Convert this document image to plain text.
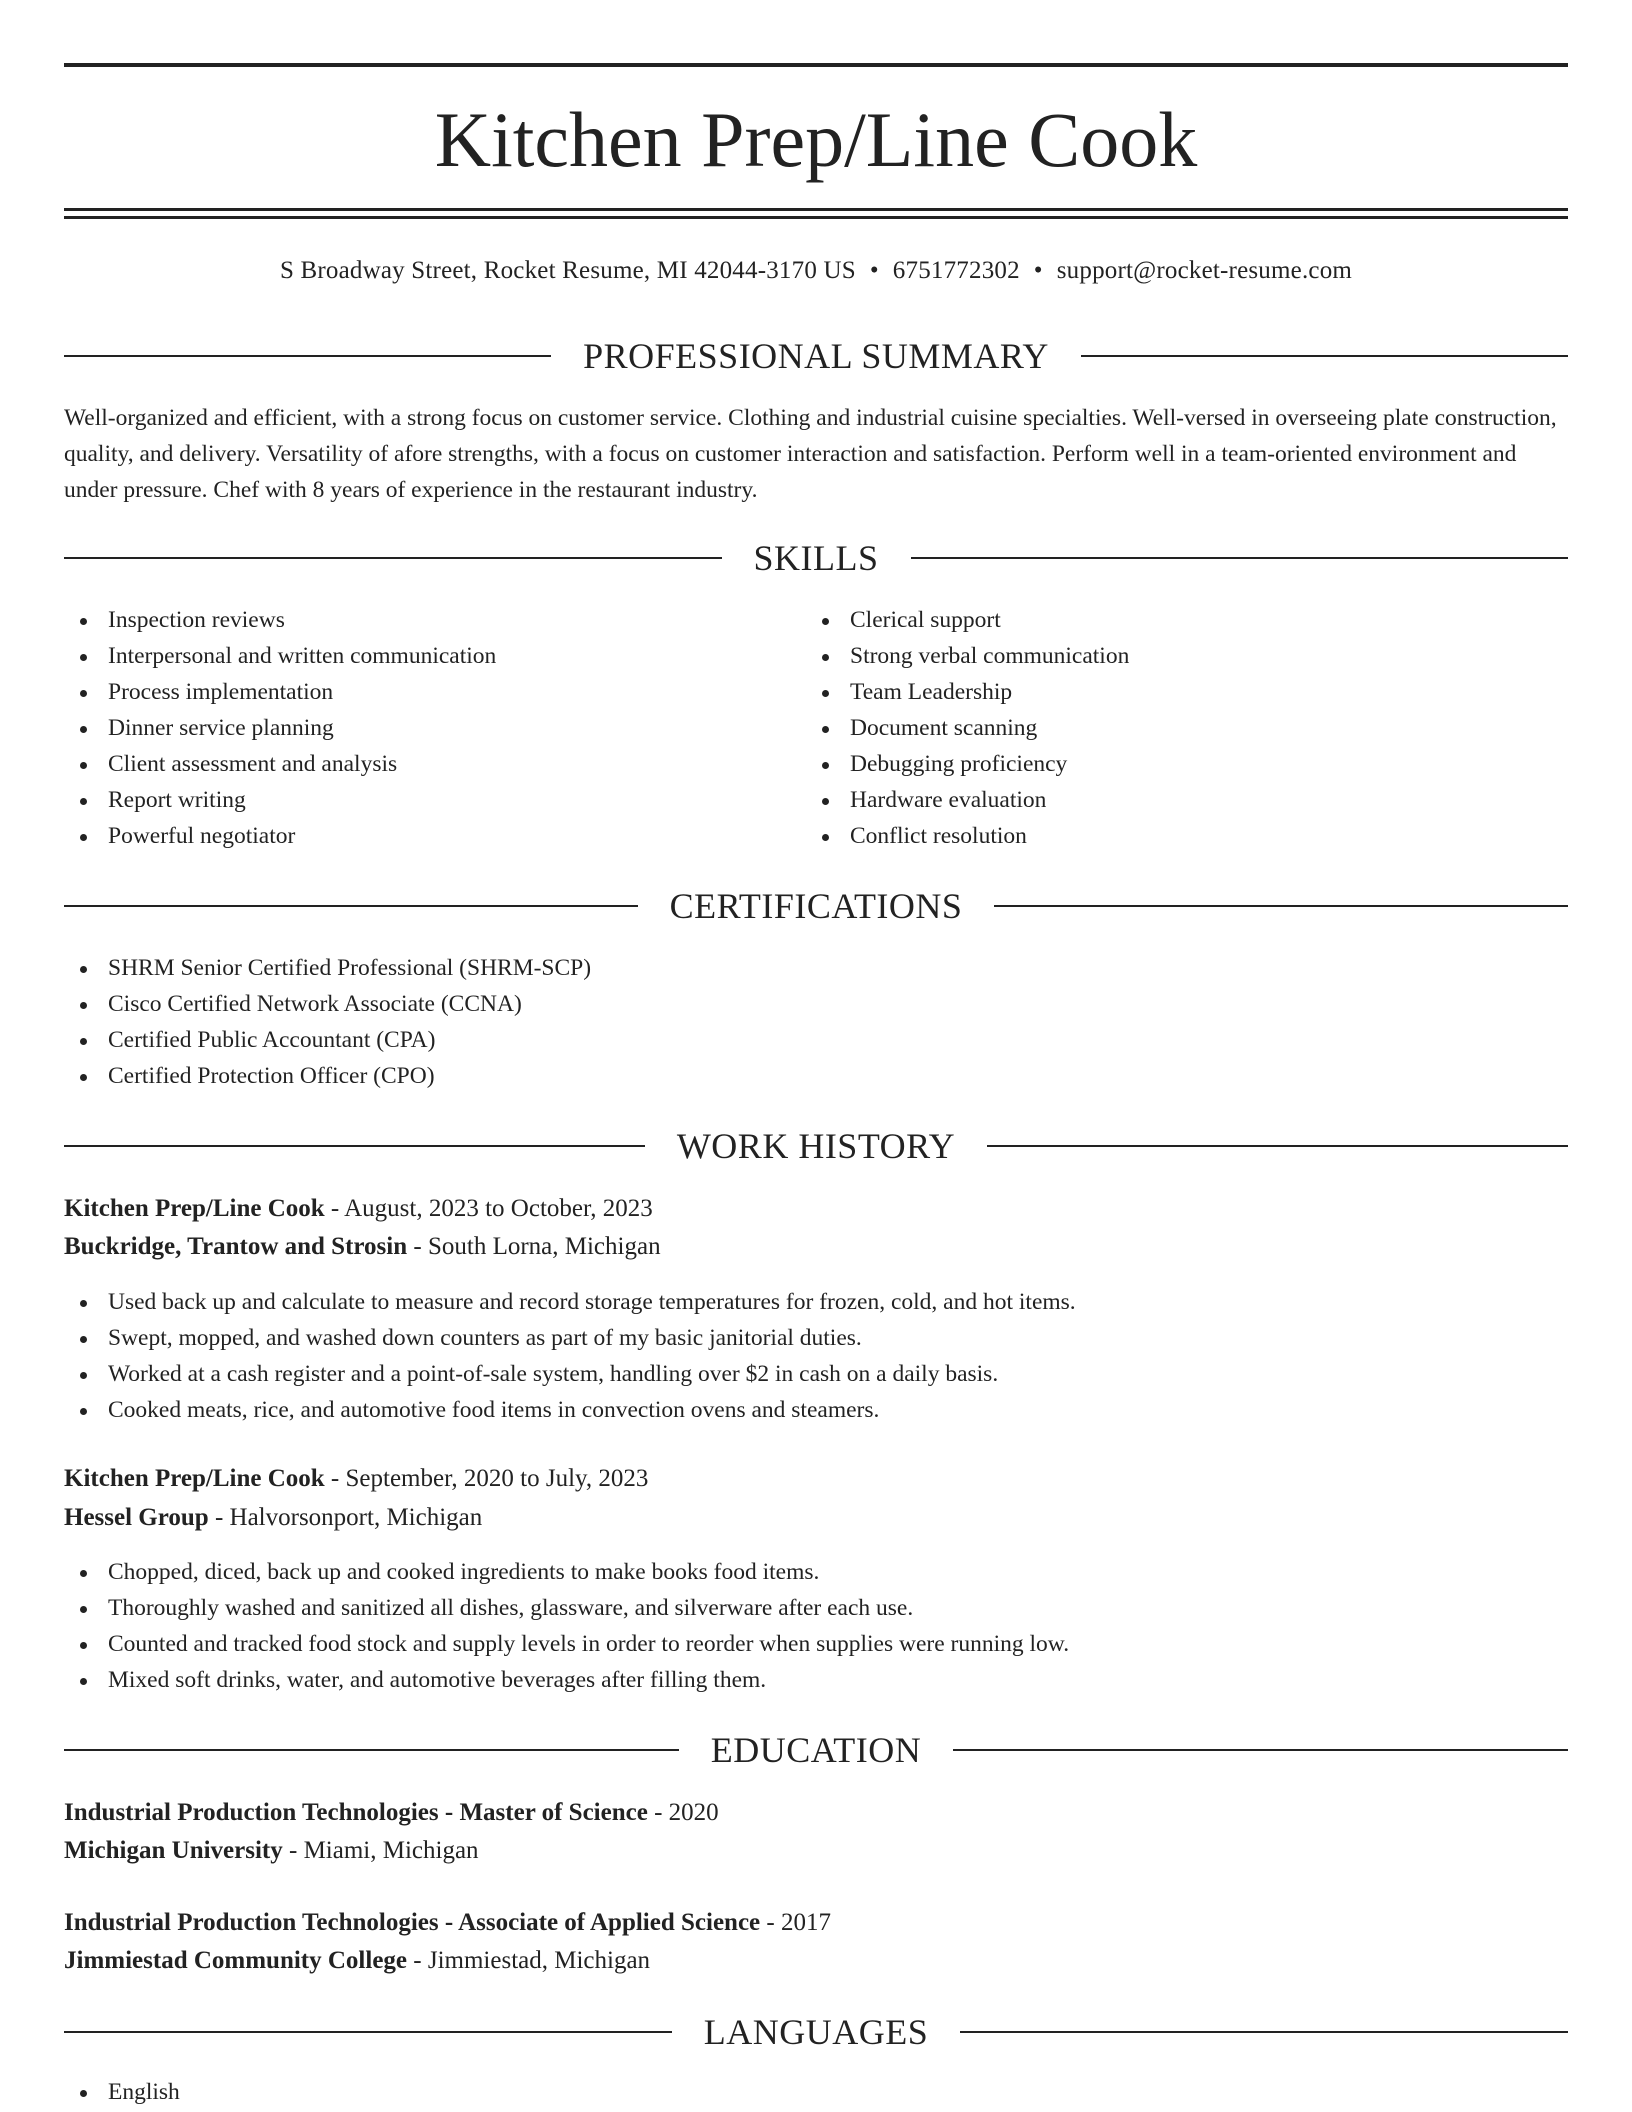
Kitchen Prep/Line Cook
S Broadway Street, Rocket Resume, MI 42044-3170 US • 6751772302 • support@rocket-resume.com
PROFESSIONAL SUMMARY

Well-organized and efficient, with a strong focus on customer service. Clothing and industrial cuisine specialties. Well-versed in overseeing plate construction, quality, and delivery. Versatility of afore strengths, with a focus on customer interaction and satisfaction. Perform well in a team-oriented environment and under pressure. Chef with 8 years of experience in the restaurant industry.

SKILLS
Inspection reviews
Interpersonal and written communication
Process implementation
Dinner service planning
Client assessment and analysis
Report writing
Powerful negotiator
Clerical support
Strong verbal communication
Team Leadership
Document scanning
Debugging proficiency
Hardware evaluation
Conflict resolution
CERTIFICATIONS
SHRM Senior Certified Professional (SHRM-SCP)
Cisco Certified Network Associate (CCNA)
Certified Public Accountant (CPA)
Certified Protection Officer (CPO)
WORK HISTORY
Kitchen Prep/Line Cook - August, 2023 to October, 2023
Buckridge, Trantow and Strosin - South Lorna, Michigan
Used back up and calculate to measure and record storage temperatures for frozen, cold, and hot items.
Swept, mopped, and washed down counters as part of my basic janitorial duties.
Worked at a cash register and a point-of-sale system, handling over $2 in cash on a daily basis.
Cooked meats, rice, and automotive food items in convection ovens and steamers.
Kitchen Prep/Line Cook - September, 2020 to July, 2023
Hessel Group - Halvorsonport, Michigan
Chopped, diced, back up and cooked ingredients to make books food items.
Thoroughly washed and sanitized all dishes, glassware, and silverware after each use.
Counted and tracked food stock and supply levels in order to reorder when supplies were running low.
Mixed soft drinks, water, and automotive beverages after filling them.
EDUCATION
Industrial Production Technologies - Master of Science - 2020
Michigan University - Miami, Michigan
Industrial Production Technologies - Associate of Applied Science - 2017
Jimmiestad Community College - Jimmiestad, Michigan
LANGUAGES
English
